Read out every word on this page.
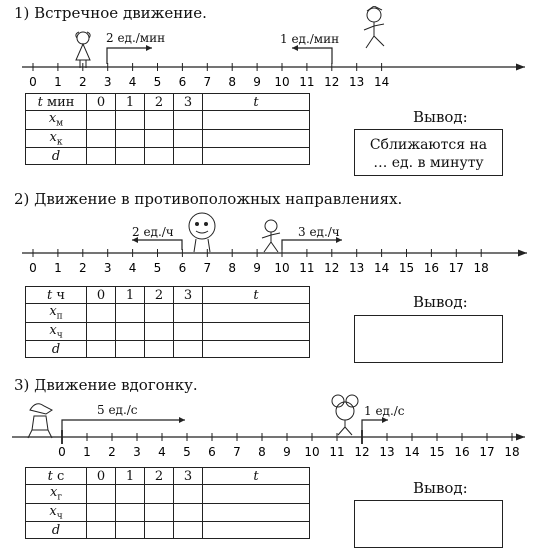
1) Встречное движение.
0 1 2 3 4 5 6 7 8 9 10 11 12 13 14
2 ед./мин	1 ед./мин
t мин	0	1	2	3	t
$x_м$					
$x_к$					
d					
Вывод:
Сближаются на
… ед. в минуту
2) Движение в противоположных направлениях.
0 1 2 3 4 5 6 7 8 9 10 11 12 13 14 15 16 17 18
2 ед./ч	3 ед./ч
t ч	0	1	2	3	t
$x_п$					
$x_ч$					
d					
Вывод:
3) Движение вдогонку.
0 1 2 3 4 5 6 7 8 9 10 11 12 13 14 15 16 17 18
5 ед./с	1 ед./с
t с	0	1	2	3	t
$x_г$					
$x_ч$					
d					
Вывод:
